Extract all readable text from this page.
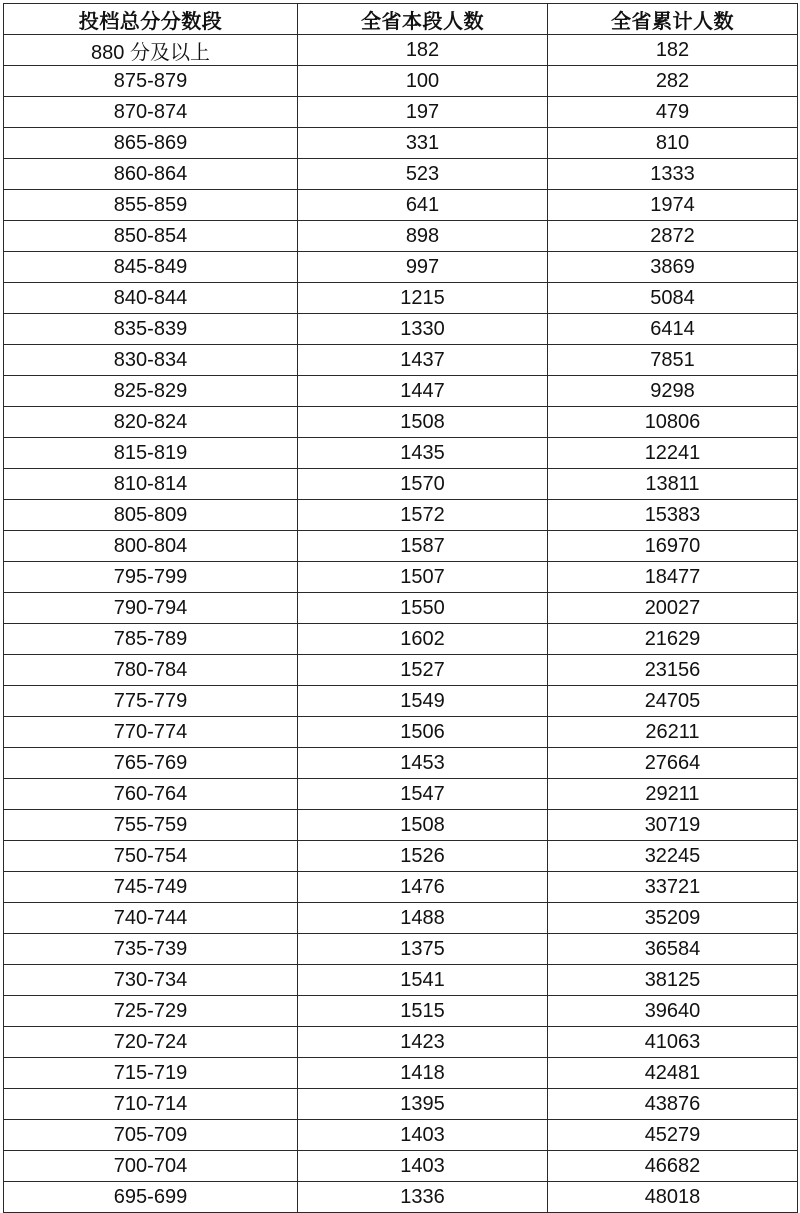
投档总分分数段	全省本段人数	全省累计人数
880 分及以上	182	182
875-879	100	282
870-874	197	479
865-869	331	810
860-864	523	1333
855-859	641	1974
850-854	898	2872
845-849	997	3869
840-844	1215	5084
835-839	1330	6414
830-834	1437	7851
825-829	1447	9298
820-824	1508	10806
815-819	1435	12241
810-814	1570	13811
805-809	1572	15383
800-804	1587	16970
795-799	1507	18477
790-794	1550	20027
785-789	1602	21629
780-784	1527	23156
775-779	1549	24705
770-774	1506	26211
765-769	1453	27664
760-764	1547	29211
755-759	1508	30719
750-754	1526	32245
745-749	1476	33721
740-744	1488	35209
735-739	1375	36584
730-734	1541	38125
725-729	1515	39640
720-724	1423	41063
715-719	1418	42481
710-714	1395	43876
705-709	1403	45279
700-704	1403	46682
695-699	1336	48018
